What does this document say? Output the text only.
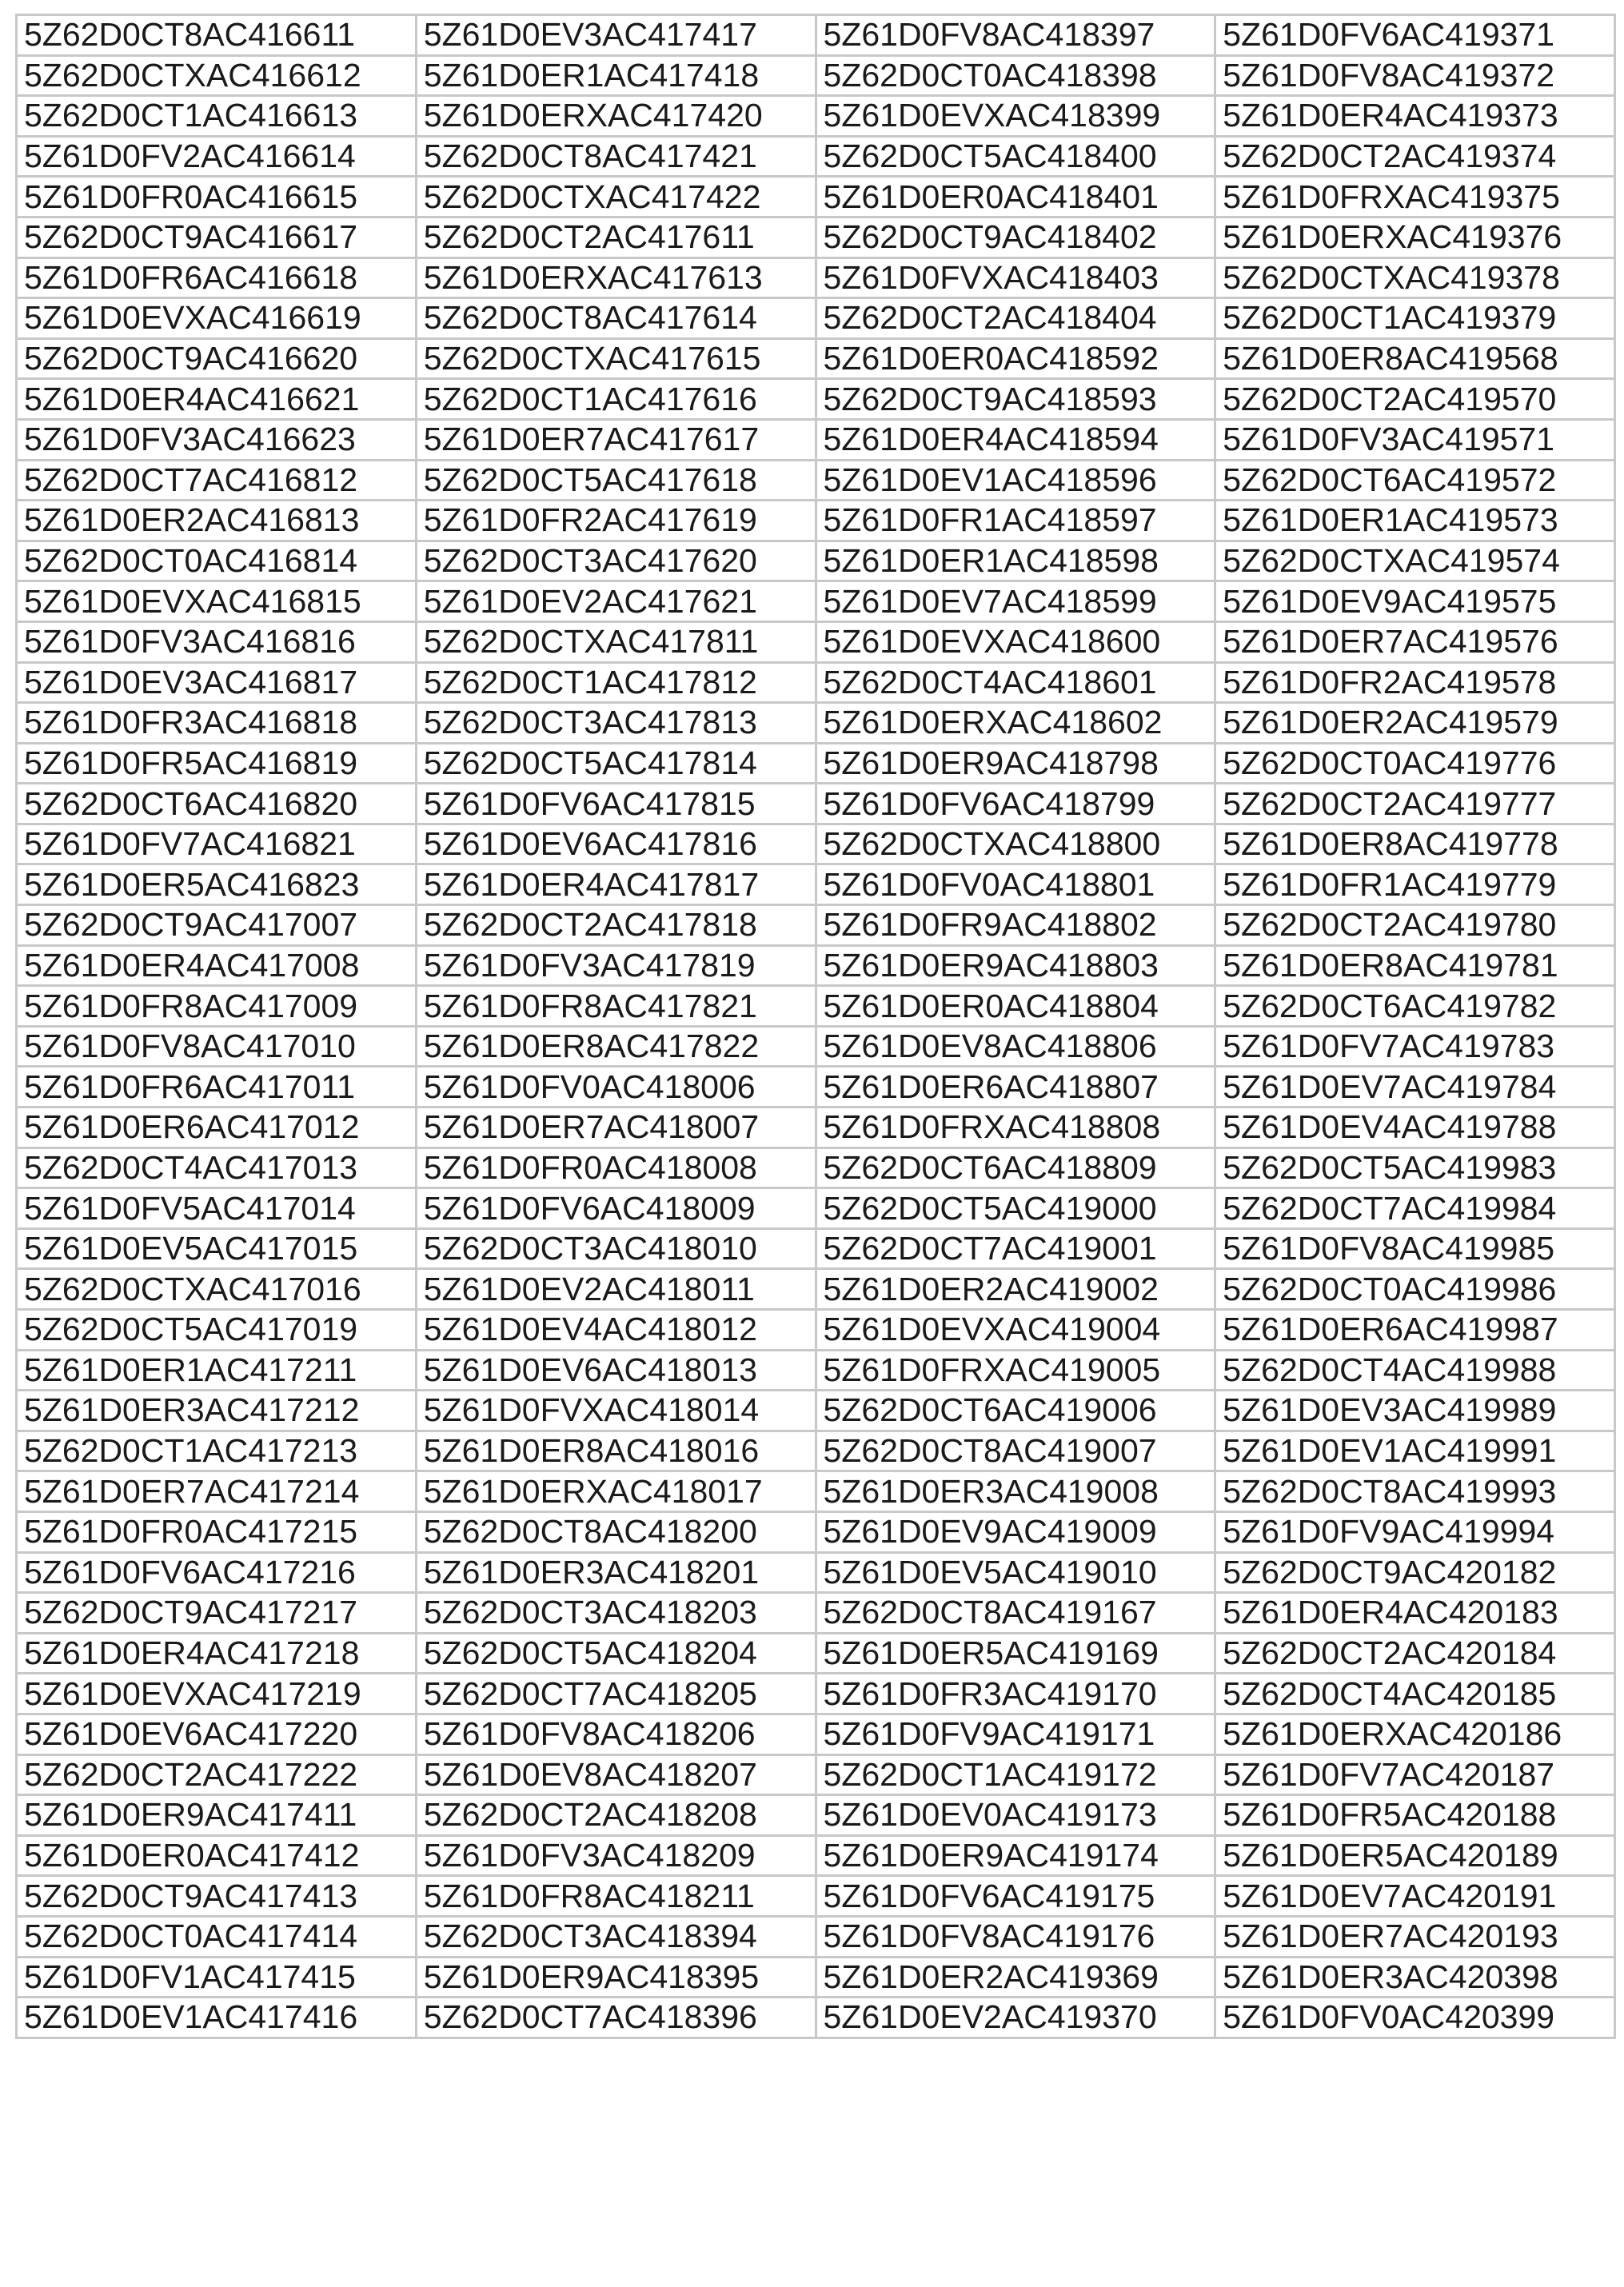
5Z62D0CT8AC416611	5Z61D0EV3AC417417	5Z61D0FV8AC418397	5Z61D0FV6AC419371
5Z62D0CTXAC416612	5Z61D0ER1AC417418	5Z62D0CT0AC418398	5Z61D0FV8AC419372
5Z62D0CT1AC416613	5Z61D0ERXAC417420	5Z61D0EVXAC418399	5Z61D0ER4AC419373
5Z61D0FV2AC416614	5Z62D0CT8AC417421	5Z62D0CT5AC418400	5Z62D0CT2AC419374
5Z61D0FR0AC416615	5Z62D0CTXAC417422	5Z61D0ER0AC418401	5Z61D0FRXAC419375
5Z62D0CT9AC416617	5Z62D0CT2AC417611	5Z62D0CT9AC418402	5Z61D0ERXAC419376
5Z61D0FR6AC416618	5Z61D0ERXAC417613	5Z61D0FVXAC418403	5Z62D0CTXAC419378
5Z61D0EVXAC416619	5Z62D0CT8AC417614	5Z62D0CT2AC418404	5Z62D0CT1AC419379
5Z62D0CT9AC416620	5Z62D0CTXAC417615	5Z61D0ER0AC418592	5Z61D0ER8AC419568
5Z61D0ER4AC416621	5Z62D0CT1AC417616	5Z62D0CT9AC418593	5Z62D0CT2AC419570
5Z61D0FV3AC416623	5Z61D0ER7AC417617	5Z61D0ER4AC418594	5Z61D0FV3AC419571
5Z62D0CT7AC416812	5Z62D0CT5AC417618	5Z61D0EV1AC418596	5Z62D0CT6AC419572
5Z61D0ER2AC416813	5Z61D0FR2AC417619	5Z61D0FR1AC418597	5Z61D0ER1AC419573
5Z62D0CT0AC416814	5Z62D0CT3AC417620	5Z61D0ER1AC418598	5Z62D0CTXAC419574
5Z61D0EVXAC416815	5Z61D0EV2AC417621	5Z61D0EV7AC418599	5Z61D0EV9AC419575
5Z61D0FV3AC416816	5Z62D0CTXAC417811	5Z61D0EVXAC418600	5Z61D0ER7AC419576
5Z61D0EV3AC416817	5Z62D0CT1AC417812	5Z62D0CT4AC418601	5Z61D0FR2AC419578
5Z61D0FR3AC416818	5Z62D0CT3AC417813	5Z61D0ERXAC418602	5Z61D0ER2AC419579
5Z61D0FR5AC416819	5Z62D0CT5AC417814	5Z61D0ER9AC418798	5Z62D0CT0AC419776
5Z62D0CT6AC416820	5Z61D0FV6AC417815	5Z61D0FV6AC418799	5Z62D0CT2AC419777
5Z61D0FV7AC416821	5Z61D0EV6AC417816	5Z62D0CTXAC418800	5Z61D0ER8AC419778
5Z61D0ER5AC416823	5Z61D0ER4AC417817	5Z61D0FV0AC418801	5Z61D0FR1AC419779
5Z62D0CT9AC417007	5Z62D0CT2AC417818	5Z61D0FR9AC418802	5Z62D0CT2AC419780
5Z61D0ER4AC417008	5Z61D0FV3AC417819	5Z61D0ER9AC418803	5Z61D0ER8AC419781
5Z61D0FR8AC417009	5Z61D0FR8AC417821	5Z61D0ER0AC418804	5Z62D0CT6AC419782
5Z61D0FV8AC417010	5Z61D0ER8AC417822	5Z61D0EV8AC418806	5Z61D0FV7AC419783
5Z61D0FR6AC417011	5Z61D0FV0AC418006	5Z61D0ER6AC418807	5Z61D0EV7AC419784
5Z61D0ER6AC417012	5Z61D0ER7AC418007	5Z61D0FRXAC418808	5Z61D0EV4AC419788
5Z62D0CT4AC417013	5Z61D0FR0AC418008	5Z62D0CT6AC418809	5Z62D0CT5AC419983
5Z61D0FV5AC417014	5Z61D0FV6AC418009	5Z62D0CT5AC419000	5Z62D0CT7AC419984
5Z61D0EV5AC417015	5Z62D0CT3AC418010	5Z62D0CT7AC419001	5Z61D0FV8AC419985
5Z62D0CTXAC417016	5Z61D0EV2AC418011	5Z61D0ER2AC419002	5Z62D0CT0AC419986
5Z62D0CT5AC417019	5Z61D0EV4AC418012	5Z61D0EVXAC419004	5Z61D0ER6AC419987
5Z61D0ER1AC417211	5Z61D0EV6AC418013	5Z61D0FRXAC419005	5Z62D0CT4AC419988
5Z61D0ER3AC417212	5Z61D0FVXAC418014	5Z62D0CT6AC419006	5Z61D0EV3AC419989
5Z62D0CT1AC417213	5Z61D0ER8AC418016	5Z62D0CT8AC419007	5Z61D0EV1AC419991
5Z61D0ER7AC417214	5Z61D0ERXAC418017	5Z61D0ER3AC419008	5Z62D0CT8AC419993
5Z61D0FR0AC417215	5Z62D0CT8AC418200	5Z61D0EV9AC419009	5Z61D0FV9AC419994
5Z61D0FV6AC417216	5Z61D0ER3AC418201	5Z61D0EV5AC419010	5Z62D0CT9AC420182
5Z62D0CT9AC417217	5Z62D0CT3AC418203	5Z62D0CT8AC419167	5Z61D0ER4AC420183
5Z61D0ER4AC417218	5Z62D0CT5AC418204	5Z61D0ER5AC419169	5Z62D0CT2AC420184
5Z61D0EVXAC417219	5Z62D0CT7AC418205	5Z61D0FR3AC419170	5Z62D0CT4AC420185
5Z61D0EV6AC417220	5Z61D0FV8AC418206	5Z61D0FV9AC419171	5Z61D0ERXAC420186
5Z62D0CT2AC417222	5Z61D0EV8AC418207	5Z62D0CT1AC419172	5Z61D0FV7AC420187
5Z61D0ER9AC417411	5Z62D0CT2AC418208	5Z61D0EV0AC419173	5Z61D0FR5AC420188
5Z61D0ER0AC417412	5Z61D0FV3AC418209	5Z61D0ER9AC419174	5Z61D0ER5AC420189
5Z62D0CT9AC417413	5Z61D0FR8AC418211	5Z61D0FV6AC419175	5Z61D0EV7AC420191
5Z62D0CT0AC417414	5Z62D0CT3AC418394	5Z61D0FV8AC419176	5Z61D0ER7AC420193
5Z61D0FV1AC417415	5Z61D0ER9AC418395	5Z61D0ER2AC419369	5Z61D0ER3AC420398
5Z61D0EV1AC417416	5Z62D0CT7AC418396	5Z61D0EV2AC419370	5Z61D0FV0AC420399
